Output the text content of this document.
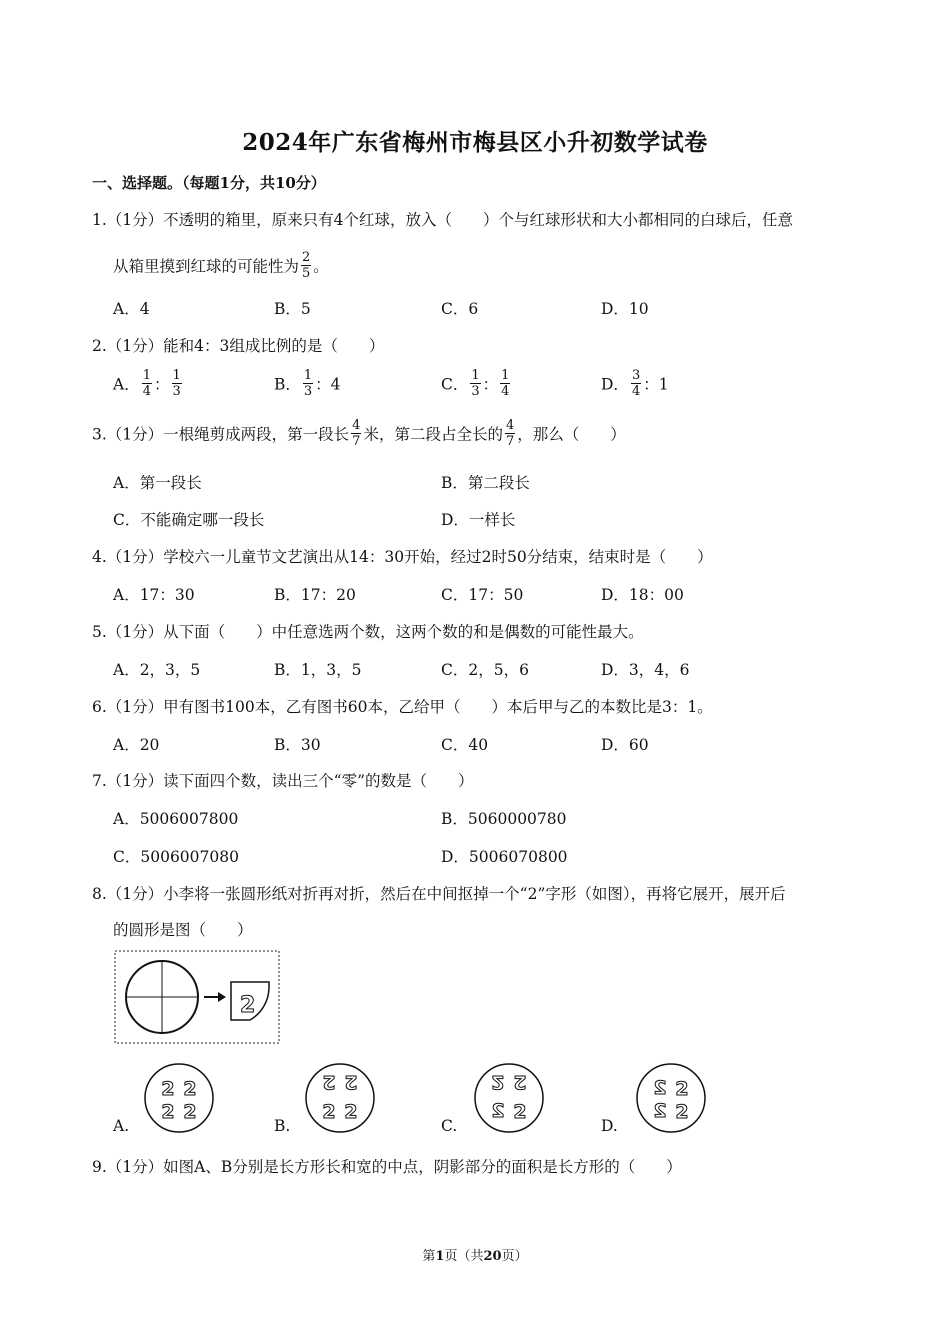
2024年广东省梅州市梅县区小升初数学试卷
一、选择题。（每题1分，共10分）
1.（1分）不透明的箱里，原来只有4个红球，放入（　　）个与红球形状和大小都相同的白球后，任意
从箱里摸到红球的可能性为 $\frac{2}{5}$ 。
A．4	B．5	C．6	D．10
2.（1分）能和4：3组成比例的是（　　）
A． $\frac{1}{4}$ ： $\frac{1}{3}$	B． $\frac{1}{3}$ ：4	C． $\frac{1}{3}$ ： $\frac{1}{4}$	D． $\frac{3}{4}$ ：1
3.（1分）一根绳剪成两段，第一段长 $\frac{4}{7}$ 米，第二段占全长的 $\frac{4}{7}$ ，那么（　　）
A．第一段长	B．第二段长
C．不能确定哪一段长	D．一样长
4.（1分）学校六一儿童节文艺演出从14：30开始，经过2时50分结束，结束时是（　　）
A．17：30	B．17：20	C．17：50	D．18：00
5.（1分）从下面（　　）中任意选两个数，这两个数的和是偶数的可能性最大。
A．2，3，5	B．1，3，5	C．2，5，6	D．3，4，6
6.（1分）甲有图书100本，乙有图书60本，乙给甲（　　）本后甲与乙的本数比是3：1。
A．20	B．30	C．40	D．60
7.（1分）读下面四个数，读出三个“零”的数是（　　）
A．5006007800	B．5060000780
C．5006007080	D．5006070800
8.（1分）小李将一张圆形纸对折再对折，然后在中间抠掉一个“2”字形（如图），再将它展开，展开后
的圆形是图（　　）
2
A.	B.	C.	D.
2 2
2 2
2 2
2 2
2 2
2 2
2 2
2 2
9.（1分）如图A、B分别是长方形长和宽的中点，阴影部分的面积是长方形的（　　）
第1页（共20页）
